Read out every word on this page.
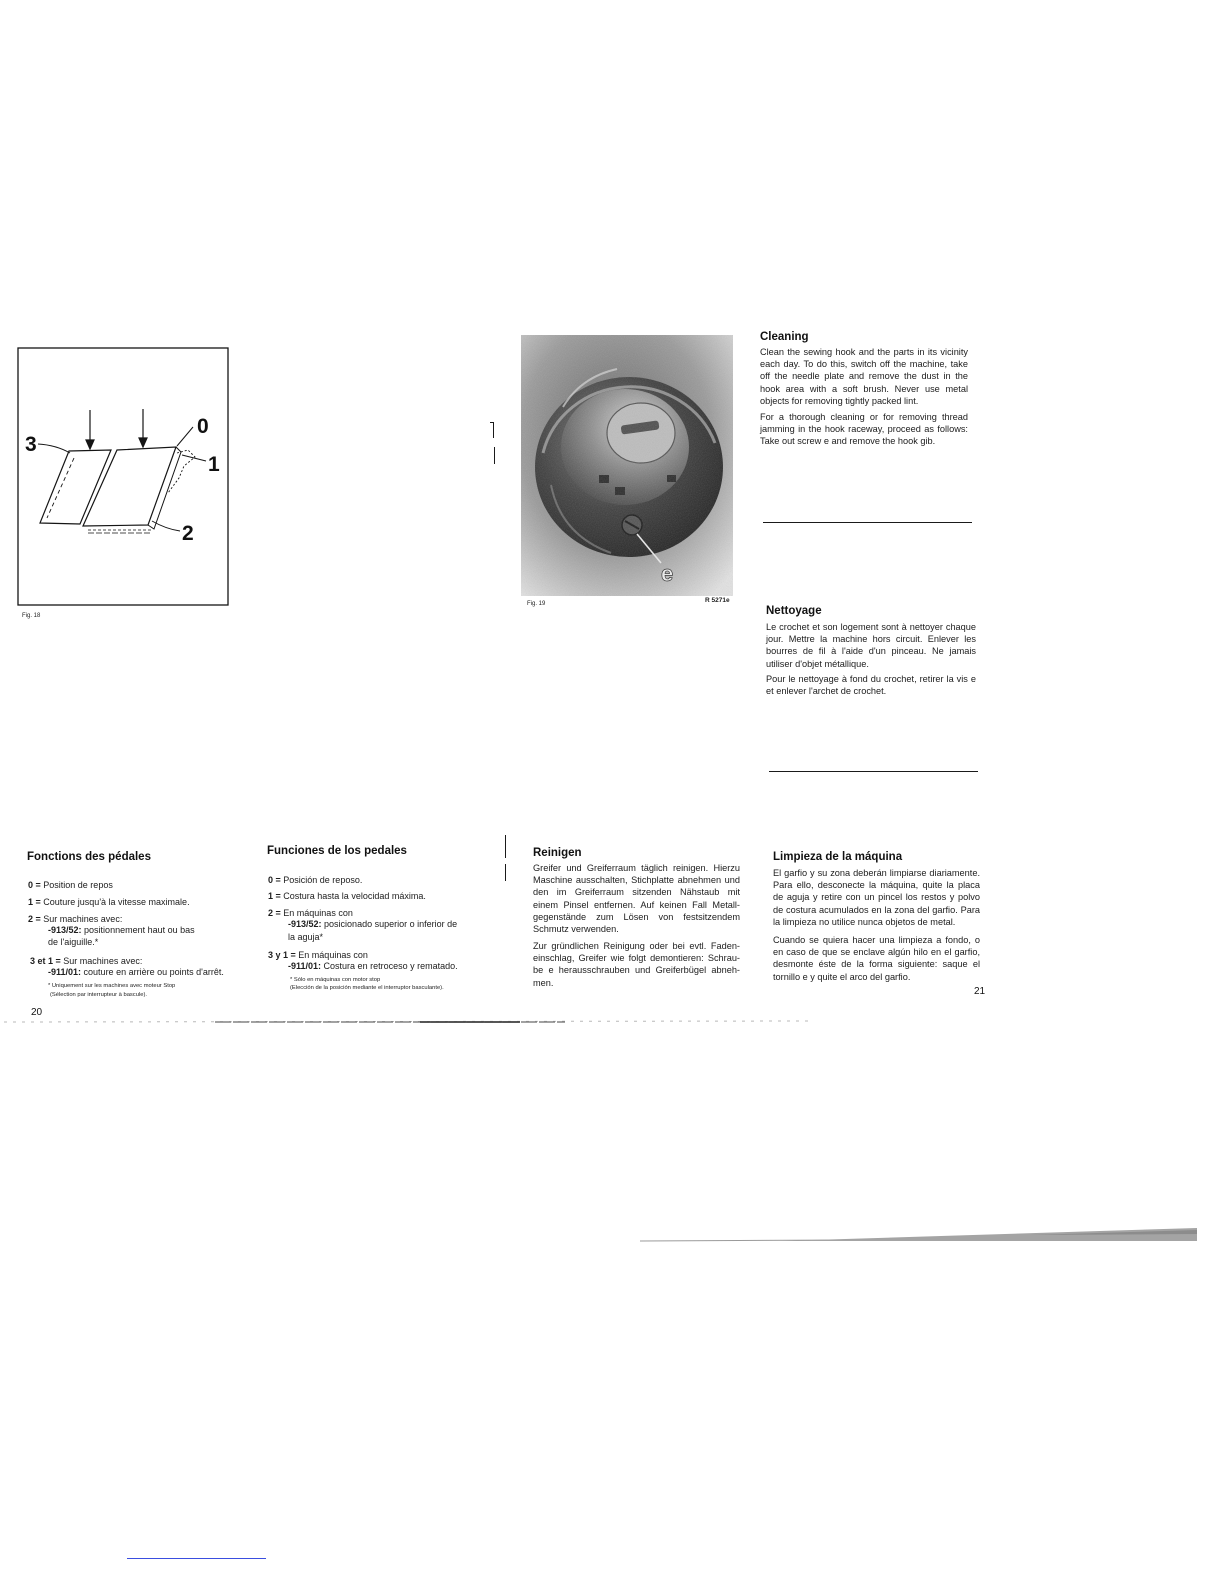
3
0
1
2
Fig. 18
Fig. 19	R 5271e
Cleaning
Clean the sewing hook and the parts in its vicinity
each day. To do this, switch off the machine, take
off the needle plate and remove the dust in the
hook area with a soft brush. Never use metal
objects for removing tightly packed lint.
For a thorough cleaning or for removing thread
jamming in the hook raceway, proceed as follows:
Take out screw e and remove the hook gib.
Nettoyage
Le crochet et son logement sont à nettoyer chaque
jour. Mettre la machine hors circuit. Enlever les
bourres de fil à l'aide d'un pinceau. Ne jamais
utiliser d'objet métallique.
Pour le nettoyage à fond du crochet, retirer la vis e
et enlever l'archet de crochet.
Fonctions des pédales
0 = Position de repos
1 = Couture jusqu'à la vitesse maximale.
2 = Sur machines avec:
-913/52: positionnement haut ou bas
de l'aiguille.*
3 et 1 = Sur machines avec:
-911/01: couture en arrière ou points d'arrêt.
* Uniquement sur les machines avec moteur Stop
(Sélection par interrupteur à bascule).
Funciones de los pedales
0 = Posición de reposo.
1 = Costura hasta la velocidad máxima.
2 = En máquinas con
-913/52: posicionado superior o inferior de
la aguja*
3 y 1 = En máquinas con
-911/01: Costura en retroceso y rematado.
* Sólo en máquinas con motor stop
(Elección de la posición mediante el interruptor basculante).
Reinigen
Greifer und Greiferraum täglich reinigen. Hierzu
Maschine ausschalten, Stichplatte abnehmen und
den im Greiferraum sitzenden Nähstaub mit
einem Pinsel entfernen. Auf keinen Fall Metall-
gegenstände zum Lösen von festsitzendem
Schmutz verwenden.
Zur gründlichen Reinigung oder bei evtl. Faden-
einschlag, Greifer wie folgt demontieren: Schrau-
be e herausschrauben und Greiferbügel abneh-
men.
Limpieza de la máquina
El garfio y su zona deberán limpiarse diariamente.
Para ello, desconecte la máquina, quite la placa
de aguja y retire con un pincel los restos y polvo
de costura acumulados en la zona del garfio. Para
la limpieza no utilice nunca objetos de metal.
Cuando se quiera hacer una limpieza a fondo, o
en caso de que se enclave algún hilo en el garfio,
desmonte éste de la forma siguiente: saque el
tornillo e y quite el arco del garfio.
20
21
